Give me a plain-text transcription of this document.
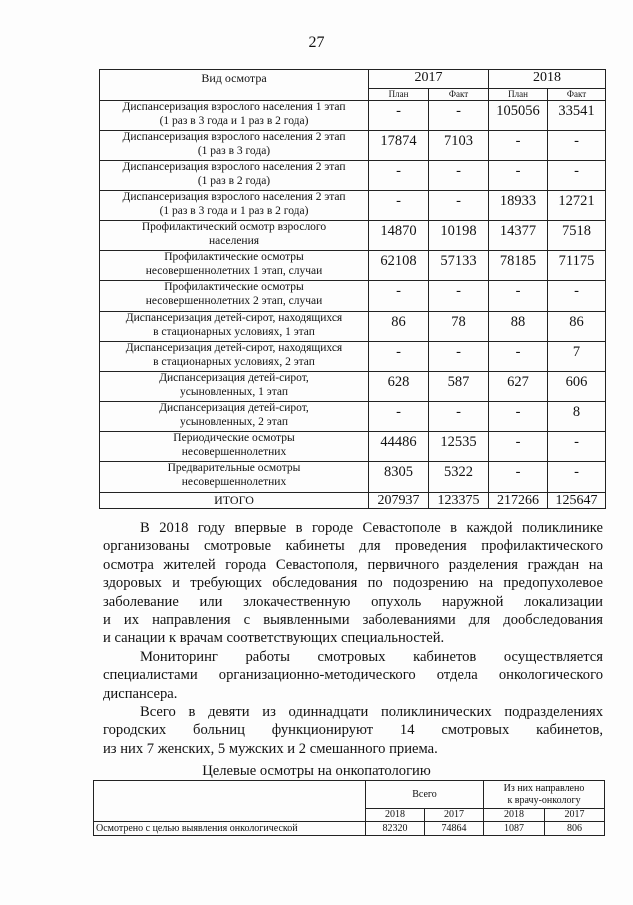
27
Вид осмотра	2017		2018	
	План	Факт	План	Факт

Диспансеризация взрослого населения 1 этап
(1 раз в 3 года и 1 раз в 2 года)	-	-	105056	33541

Диспансеризация взрослого населения 2 этап
(1 раз в 3 года)	17874	7103	-	-

Диспансеризация взрослого населения 2 этап
(1 раз в 2 года)	-	-	-	-

Диспансеризация взрослого населения 2 этап
(1 раз в 3 года и 1 раз в 2 года)	-	-	18933	12721

Профилактический осмотр взрослого
населения	14870	10198	14377	7518

Профилактические осмотры
несовершеннолетних 1 этап, случаи	62108	57133	78185	71175

Профилактические осмотры
несовершеннолетних 2 этап, случаи	-	-	-	-

Диспансеризация детей-сирот, находящихся
в стационарных условиях, 1 этап	86	78	88	86

Диспансеризация детей-сирот, находящихся
в стационарных условиях, 2 этап	-	-	-	7

Диспансеризация детей-сирот,
усыновленных, 1 этап	628	587	627	606

Диспансеризация детей-сирот,
усыновленных, 2 этап	-	-	-	8

Периодические осмотры
несовершеннолетних	44486	12535	-	-

Предварительные осмотры
несовершеннолетних	8305	5322	-	-
ИТОГО	207937	123375	217266	125647
В 2018 году впервые в городе Севастополе в каждой поликлинике
организованы смотровые кабинеты для проведения профилактического
осмотра жителей города Севастополя, первичного разделения граждан на
здоровых и требующих обследования по подозрению на предопухолевое
заболевание или злокачественную опухоль наружной локализации
и их направления с выявленными заболеваниями для дообследования
и санации к врачам соответствующих специальностей.
Мониторинг работы смотровых кабинетов осуществляется
специалистами организационно-методического отдела онкологического
диспансера.
Всего в девяти из одиннадцати поликлинических подразделениях
городских больниц функционируют 14 смотровых кабинетов,
из них 7 женских, 5 мужских и 2 смешанного приема.
Целевые осмотры на онкопатологию
	Всего		Из них направлено
к врачу-онкологу	

	2018	2017	2018	2017
Осмотрено с целью выявления онкологической	82320	74864	1087	806
